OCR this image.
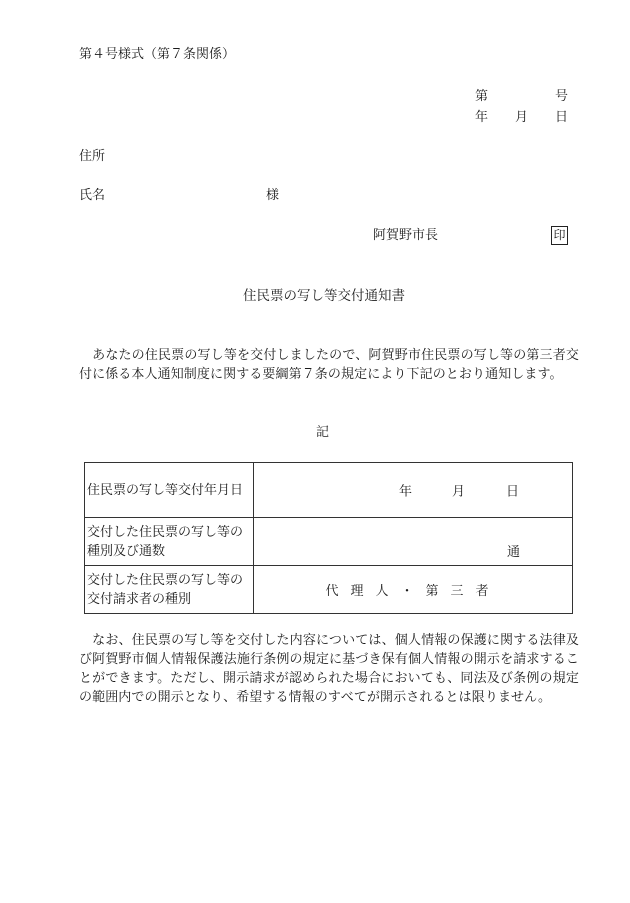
第４号様式（第７条関係）
第	号
年 月 日
住所
氏名	様
阿賀野市長	印
住民票の写し等交付通知書
　あなたの住民票の写し等を交付しましたので、阿賀野市住民票の写し等の第三者交付に係る本人通知制度に関する要綱第７条の規定により下記のとおり通知します。
記
住民票の写し等交付年月日	年 月 日

交付した住民票の写し等の
種別及び通数	通

交付した住民票の写し等の
交付請求者の種別	代理人・第三者
　なお、住民票の写し等を交付した内容については、個人情報の保護に関する法律及び阿賀野市個人情報保護法施行条例の規定に基づき保有個人情報の開示を請求することができます。ただし、開示請求が認められた場合においても、同法及び条例の規定の範囲内での開示となり、希望する情報のすべてが開示されるとは限りません。
